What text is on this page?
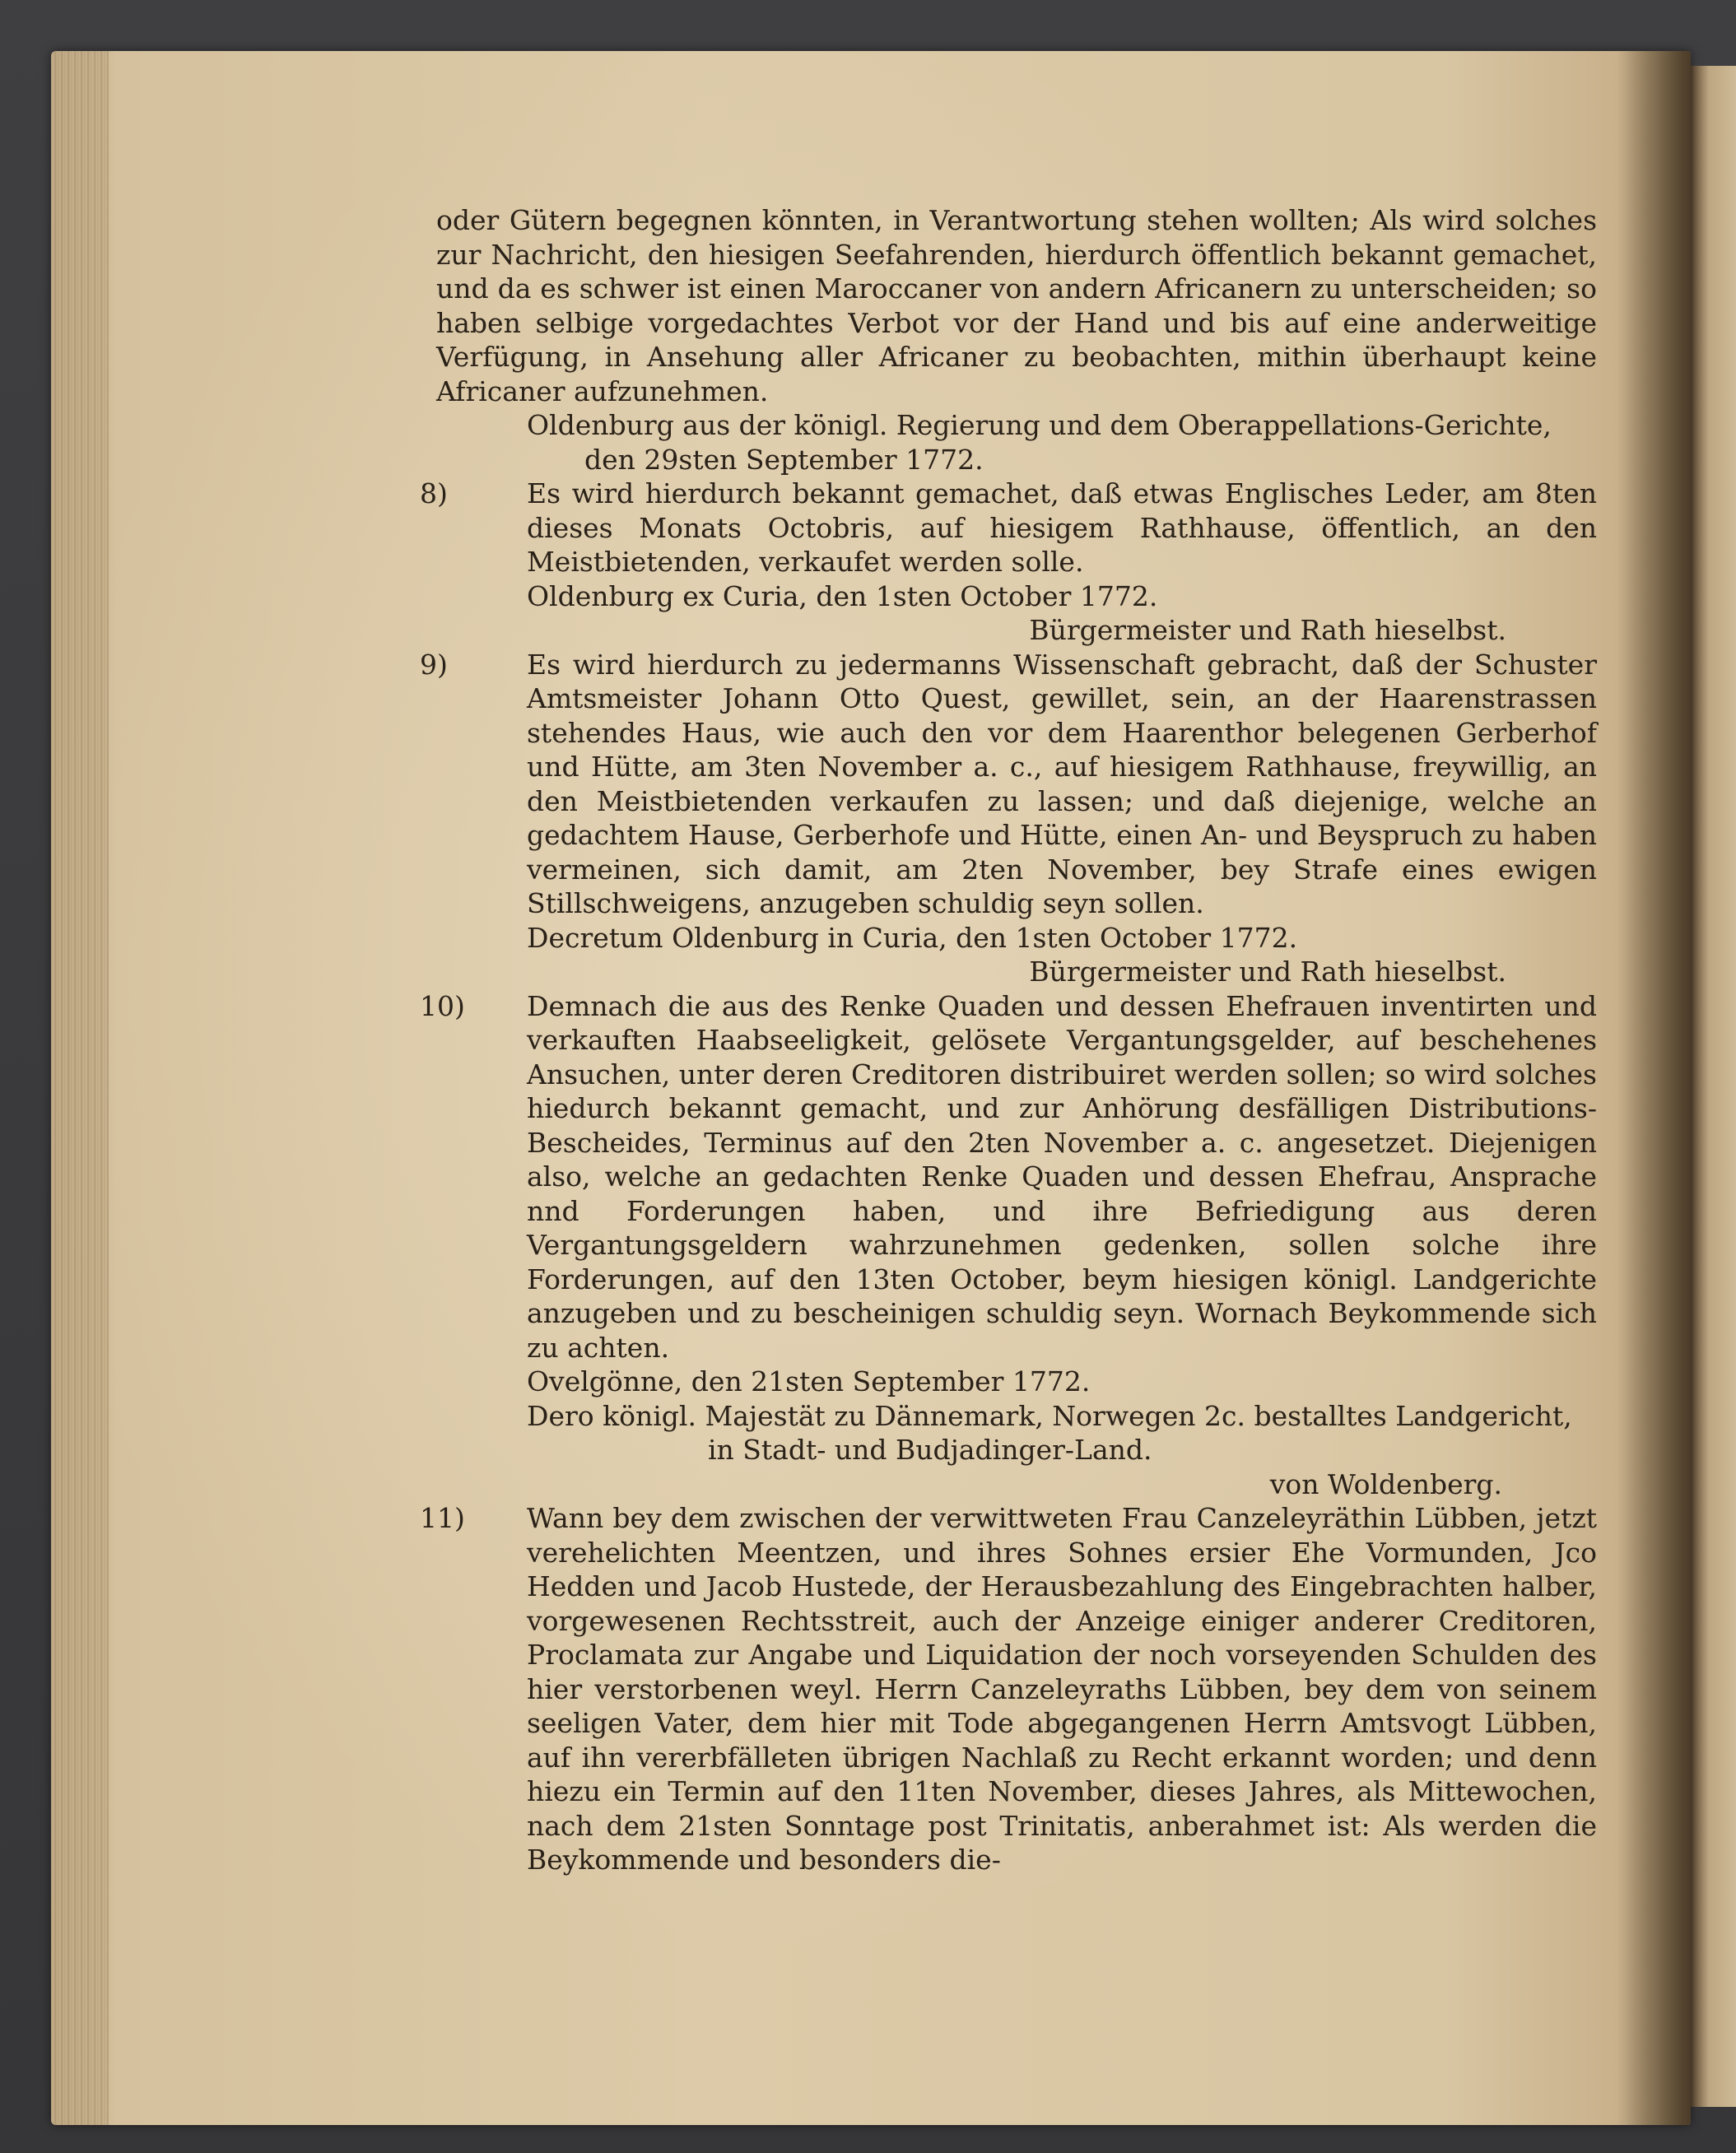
oder Gütern begegnen könnten, in Verantwortung stehen wollten; Als wird solches zur Nachricht, den hiesigen Seefahrenden, hierdurch öffentlich bekannt gemachet, und da es schwer ist einen Maroccaner von andern Africanern zu unterscheiden; so haben selbige vorgedachtes Verbot vor der Hand und bis auf eine anderweitige Verfügung, in Ansehung aller Africaner zu beobachten, mithin überhaupt keine Africaner aufzunehmen.

Oldenburg aus der königl. Regierung und dem Oberappellations-Gerichte,

den 29sten September 1772.

8)	Es wird hierdurch bekannt gemachet, daß etwas Englisches Leder, am 8ten dieses Monats Octobris, auf hiesigem Rathhause, öffentlich, an den Meistbietenden, verkaufet werden solle.

Oldenburg ex Curia, den 1sten October 1772.

Bürgermeister und Rath hieselbst.

9)	Es wird hierdurch zu jedermanns Wissenschaft gebracht, daß der Schuster Amtsmeister Johann Otto Quest, gewillet, sein, an der Haarenstrassen stehendes Haus, wie auch den vor dem Haarenthor belegenen Gerberhof und Hütte, am 3ten November a. c., auf hiesigem Rathhause, freywillig, an den Meistbietenden verkaufen zu lassen; und daß diejenige, welche an gedachtem Hause, Gerberhofe und Hütte, einen An- und Beyspruch zu haben vermeinen, sich damit, am 2ten November, bey Strafe eines ewigen Stillschweigens, anzugeben schuldig seyn sollen.

Decretum Oldenburg in Curia, den 1sten October 1772.

Bürgermeister und Rath hieselbst.

10)	Demnach die aus des Renke Quaden und dessen Ehefrauen inventirten und verkauften Haabseeligkeit, gelösete Vergantungsgelder, auf beschehenes Ansuchen, unter deren Creditoren distribuiret werden sollen; so wird solches hiedurch bekannt gemacht, und zur Anhörung desfälligen Distributions-Bescheides, Terminus auf den 2ten November a. c. angesetzet. Diejenigen also, welche an gedachten Renke Quaden und dessen Ehefrau, Ansprache nnd Forderungen haben, und ihre Befriedigung aus deren Vergantungsgeldern wahrzunehmen gedenken, sollen solche ihre Forderungen, auf den 13ten October, beym hiesigen königl. Landgerichte anzugeben und zu bescheinigen schuldig seyn. Wornach Beykommende sich zu achten.

Ovelgönne, den 21sten September 1772.

Dero königl. Majestät zu Dännemark, Norwegen 2c. bestalltes Landgericht,

in Stadt- und Budjadinger-Land.

von Woldenberg.

11)	Wann bey dem zwischen der verwittweten Frau Canzeleyräthin Lübben, jetzt verehelichten Meentzen, und ihres Sohnes ersier Ehe Vormunden, Jco Hedden und Jacob Hustede, der Herausbezahlung des Eingebrachten halber, vorgewesenen Rechtsstreit, auch der Anzeige einiger anderer Creditoren, Proclamata zur Angabe und Liquidation der noch vorseyenden Schulden des hier verstorbenen weyl. Herrn Canzeleyraths Lübben, bey dem von seinem seeligen Vater, dem hier mit Tode abgegangenen Herrn Amtsvogt Lübben, auf ihn vererbfälleten übrigen Nachlaß zu Recht erkannt worden; und denn hiezu ein Termin auf den 11ten November, dieses Jahres, als Mittewochen, nach dem 21sten Sonntage post Trinitatis, anberahmet ist: Als werden die Beykommende und besonders die-
